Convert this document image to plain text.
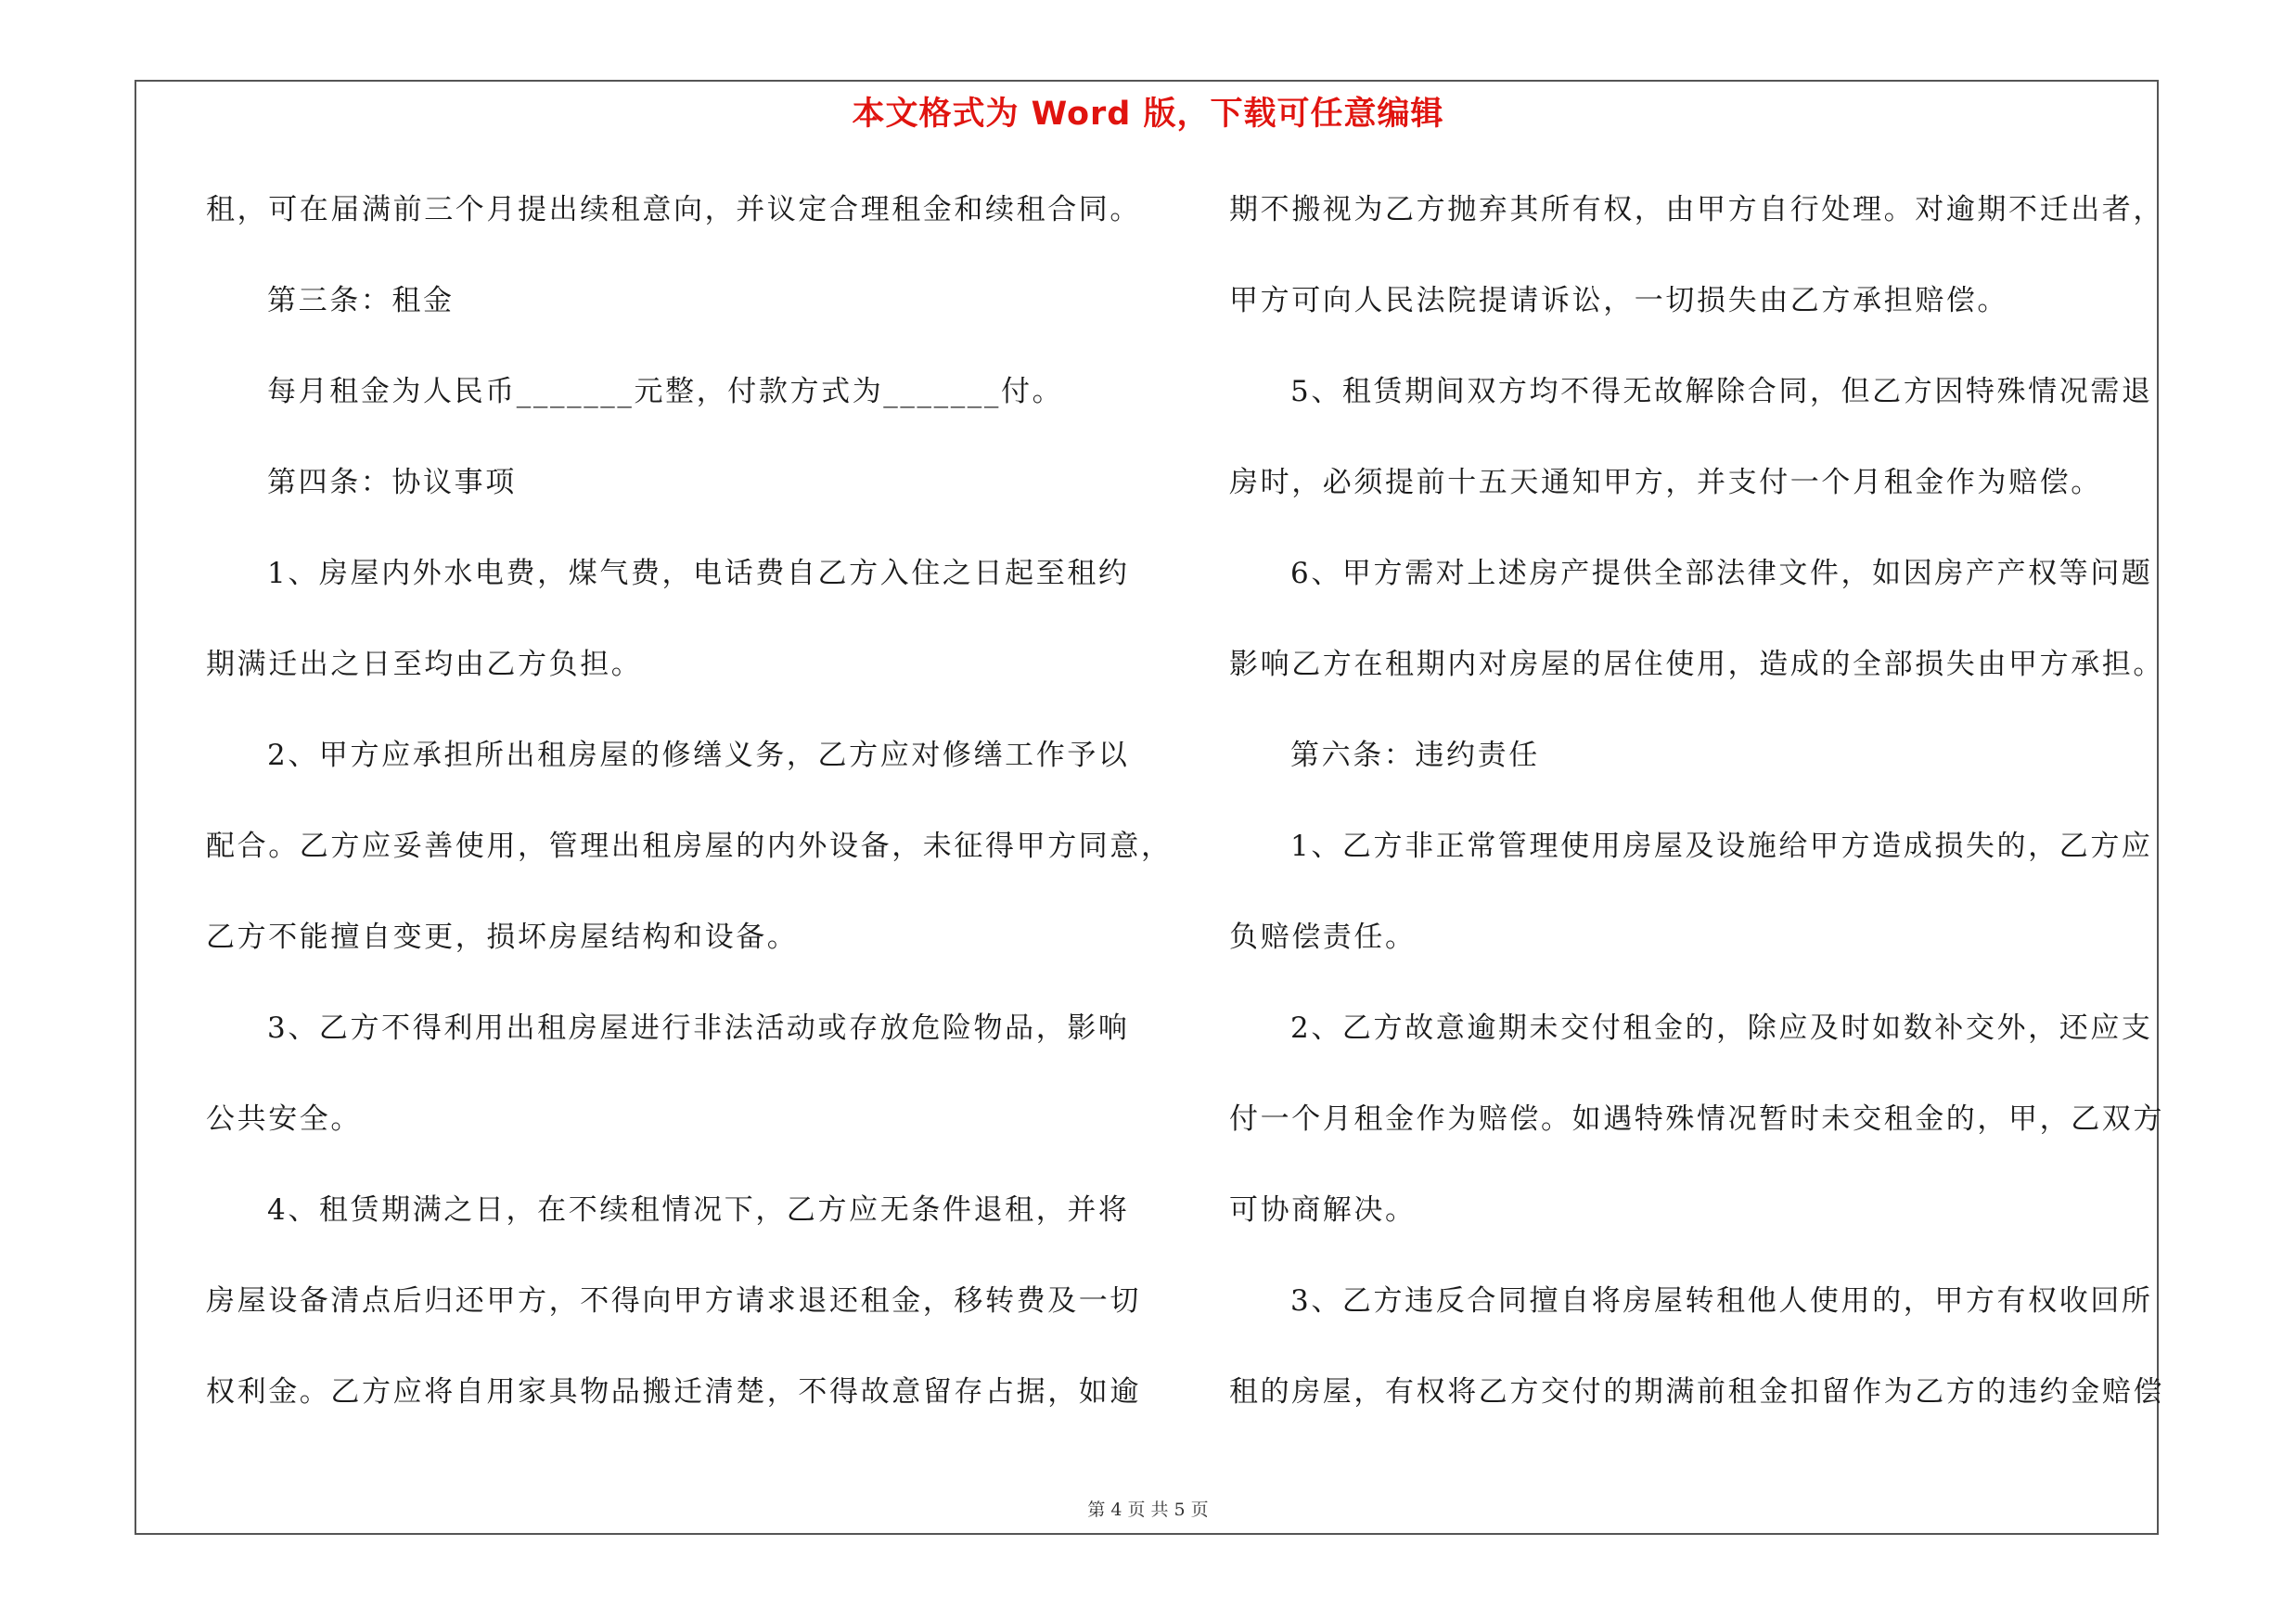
本文格式为 Word 版，下载可任意编辑
租，可在届满前三个月提出续租意向，并议定合理租金和续租合同。
第三条：租金
每月租金为人民币_______元整，付款方式为_______付。
第四条：协议事项
1、房屋内外水电费，煤气费，电话费自乙方入住之日起至租约
期满迁出之日至均由乙方负担。
2、甲方应承担所出租房屋的修缮义务，乙方应对修缮工作予以
配合。乙方应妥善使用，管理出租房屋的内外设备，未征得甲方同意，
乙方不能擅自变更，损坏房屋结构和设备。
3、乙方不得利用出租房屋进行非法活动或存放危险物品，影响
公共安全。
4、租赁期满之日，在不续租情况下，乙方应无条件退租，并将
房屋设备清点后归还甲方，不得向甲方请求退还租金，移转费及一切
权利金。乙方应将自用家具物品搬迁清楚，不得故意留存占据，如逾
期不搬视为乙方抛弃其所有权，由甲方自行处理。对逾期不迁出者，
甲方可向人民法院提请诉讼，一切损失由乙方承担赔偿。
5、租赁期间双方均不得无故解除合同，但乙方因特殊情况需退
房时，必须提前十五天通知甲方，并支付一个月租金作为赔偿。
6、甲方需对上述房产提供全部法律文件，如因房产产权等问题
影响乙方在租期内对房屋的居住使用，造成的全部损失由甲方承担。
第六条：违约责任
1、乙方非正常管理使用房屋及设施给甲方造成损失的，乙方应
负赔偿责任。
2、乙方故意逾期未交付租金的，除应及时如数补交外，还应支
付一个月租金作为赔偿。如遇特殊情况暂时未交租金的，甲，乙双方
可协商解决。
3、乙方违反合同擅自将房屋转租他人使用的，甲方有权收回所
租的房屋，有权将乙方交付的期满前租金扣留作为乙方的违约金赔偿
第 4 页 共 5 页
